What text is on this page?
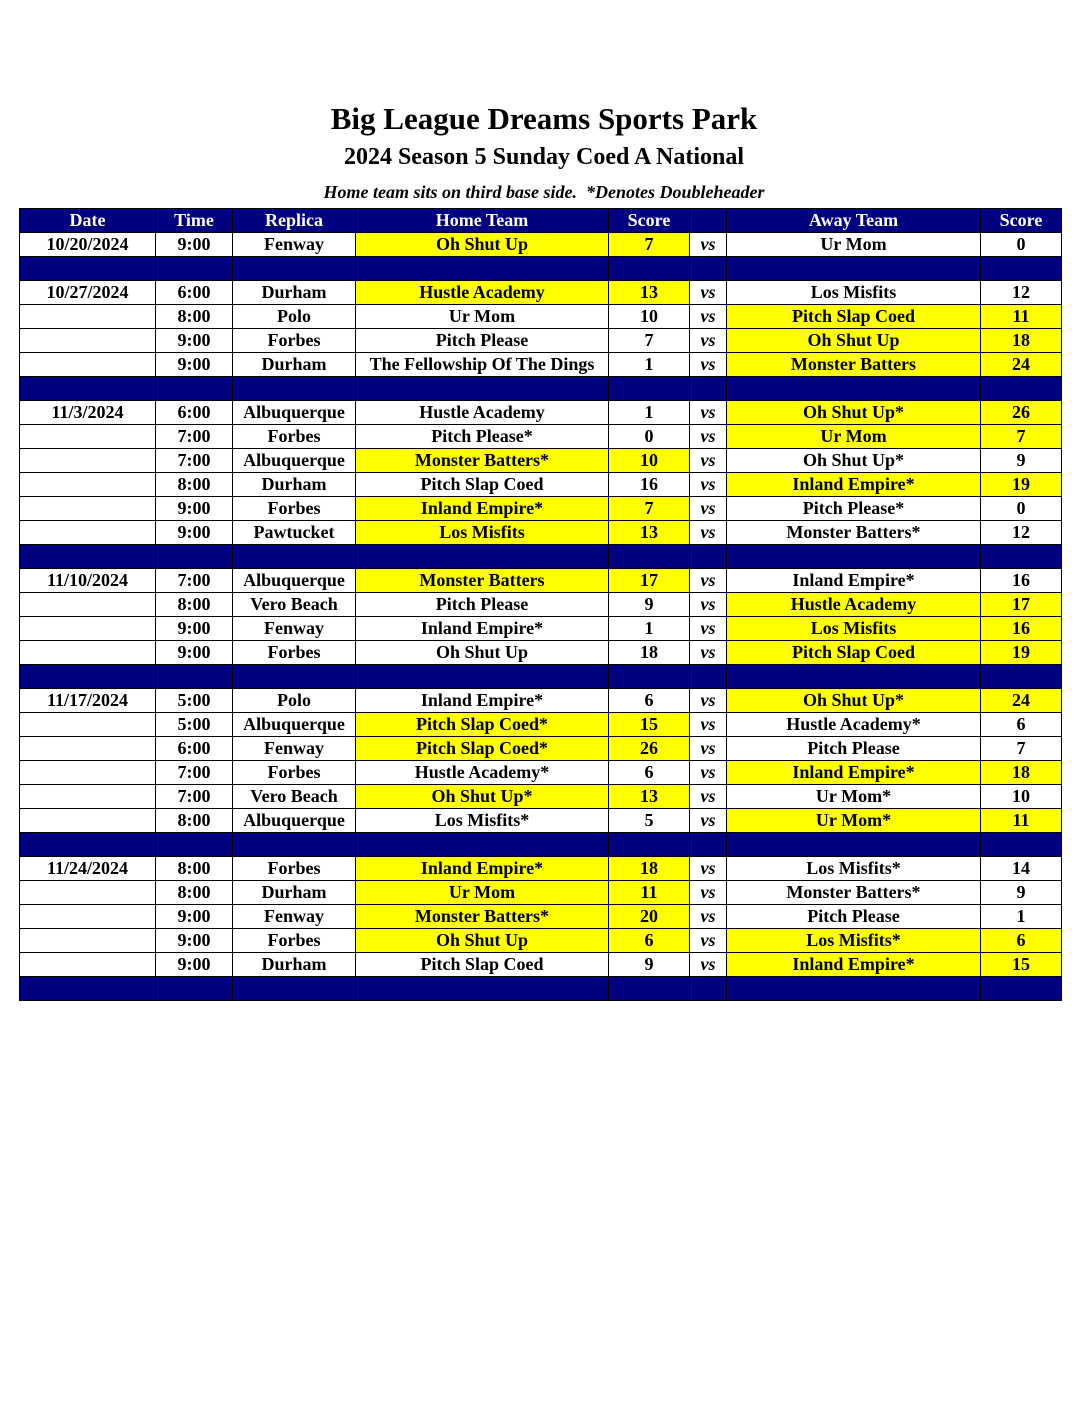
Big League Dreams Sports Park
2024 Season 5 Sunday Coed A National
Home team sits on third base side.  *Denotes Doubleheader
Date	Time	Replica	Home Team	Score		Away Team	Score
10/20/2024	9:00	Fenway	Oh Shut Up	7	vs	Ur Mom	0

10/27/2024	6:00	Durham	Hustle Academy	13	vs	Los Misfits	12
	8:00	Polo	Ur Mom	10	vs	Pitch Slap Coed	11
	9:00	Forbes	Pitch Please	7	vs	Oh Shut Up	18
	9:00	Durham	The Fellowship Of The Dings	1	vs	Monster Batters	24

11/3/2024	6:00	Albuquerque	Hustle Academy	1	vs	Oh Shut Up*	26
	7:00	Forbes	Pitch Please*	0	vs	Ur Mom	7
	7:00	Albuquerque	Monster Batters*	10	vs	Oh Shut Up*	9
	8:00	Durham	Pitch Slap Coed	16	vs	Inland Empire*	19
	9:00	Forbes	Inland Empire*	7	vs	Pitch Please*	0
	9:00	Pawtucket	Los Misfits	13	vs	Monster Batters*	12

11/10/2024	7:00	Albuquerque	Monster Batters	17	vs	Inland Empire*	16
	8:00	Vero Beach	Pitch Please	9	vs	Hustle Academy	17
	9:00	Fenway	Inland Empire*	1	vs	Los Misfits	16
	9:00	Forbes	Oh Shut Up	18	vs	Pitch Slap Coed	19

11/17/2024	5:00	Polo	Inland Empire*	6	vs	Oh Shut Up*	24
	5:00	Albuquerque	Pitch Slap Coed*	15	vs	Hustle Academy*	6
	6:00	Fenway	Pitch Slap Coed*	26	vs	Pitch Please	7
	7:00	Forbes	Hustle Academy*	6	vs	Inland Empire*	18
	7:00	Vero Beach	Oh Shut Up*	13	vs	Ur Mom*	10
	8:00	Albuquerque	Los Misfits*	5	vs	Ur Mom*	11

11/24/2024	8:00	Forbes	Inland Empire*	18	vs	Los Misfits*	14
	8:00	Durham	Ur Mom	11	vs	Monster Batters*	9
	9:00	Fenway	Monster Batters*	20	vs	Pitch Please	1
	9:00	Forbes	Oh Shut Up	6	vs	Los Misfits*	6
	9:00	Durham	Pitch Slap Coed	9	vs	Inland Empire*	15
